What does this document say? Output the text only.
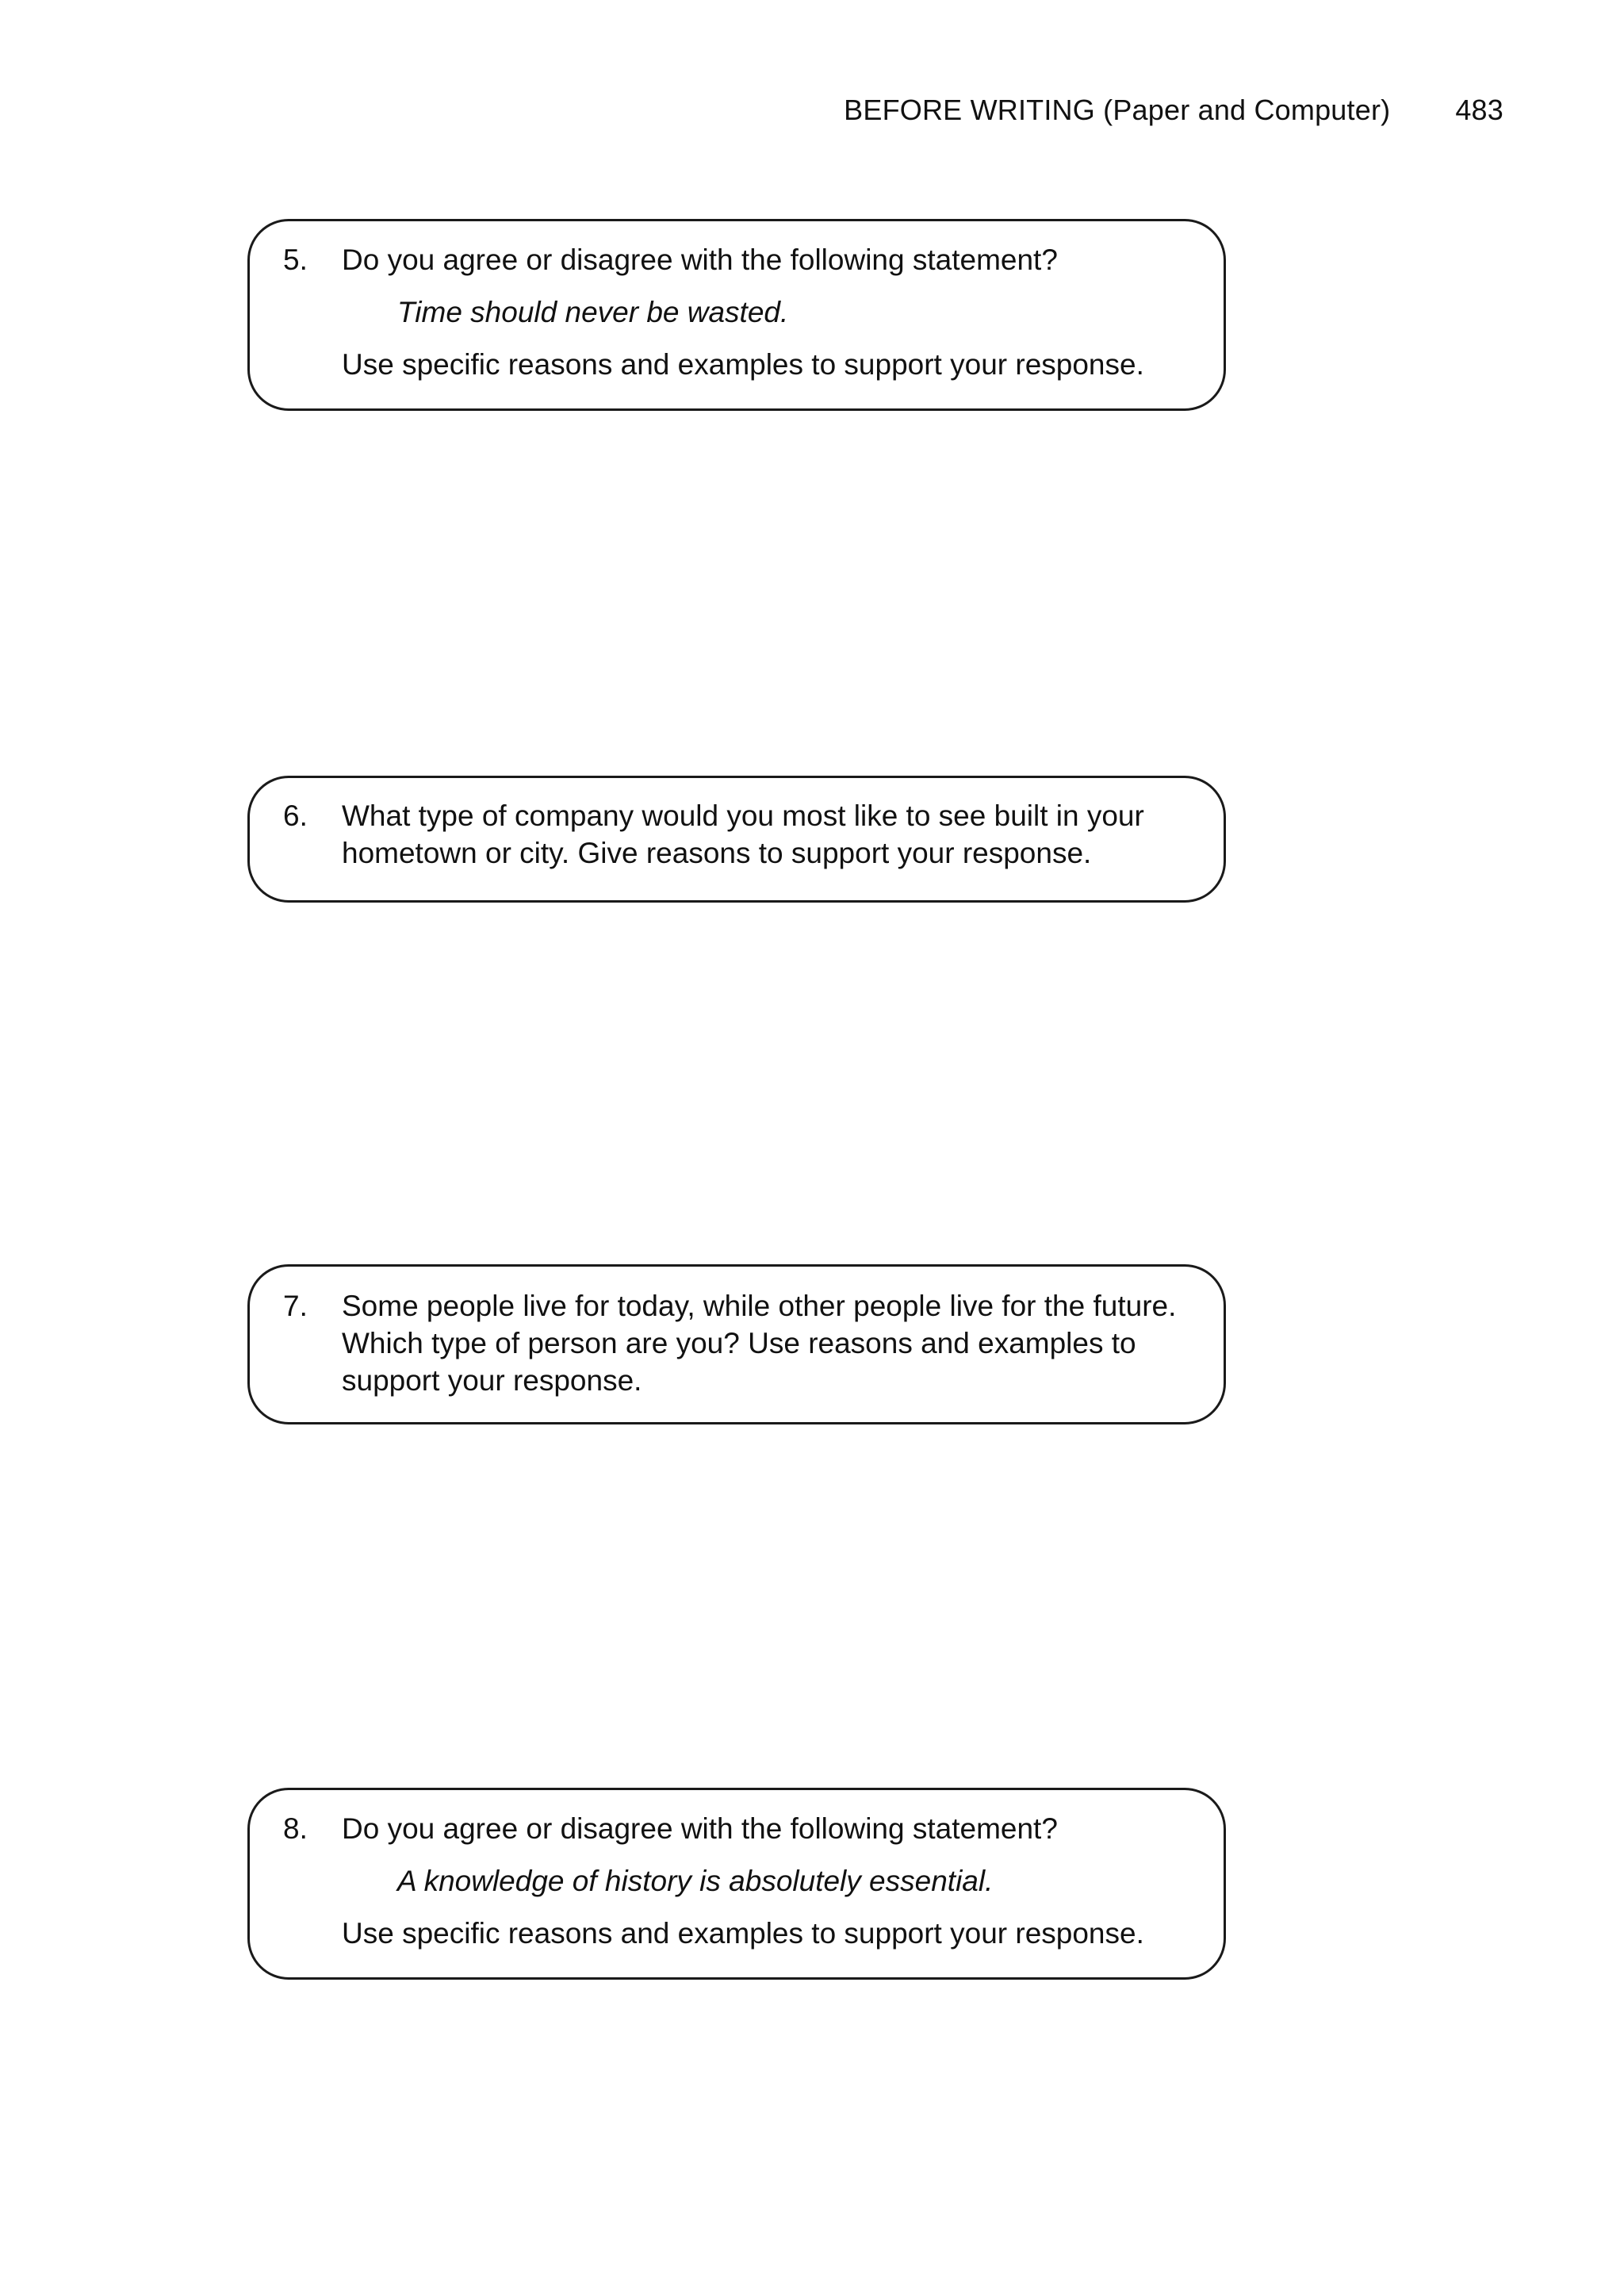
BEFORE WRITING (Paper and Computer) 483
5. Do you agree or disagree with the following statement?
Time should never be wasted.
Use specific reasons and examples to support your response.
6. What type of company would you most like to see built in your
hometown or city. Give reasons to support your response.
7. Some people live for today, while other people live for the future.
Which type of person are you? Use reasons and examples to
support your response.
8. Do you agree or disagree with the following statement?
A knowledge of history is absolutely essential.
Use specific reasons and examples to support your response.
